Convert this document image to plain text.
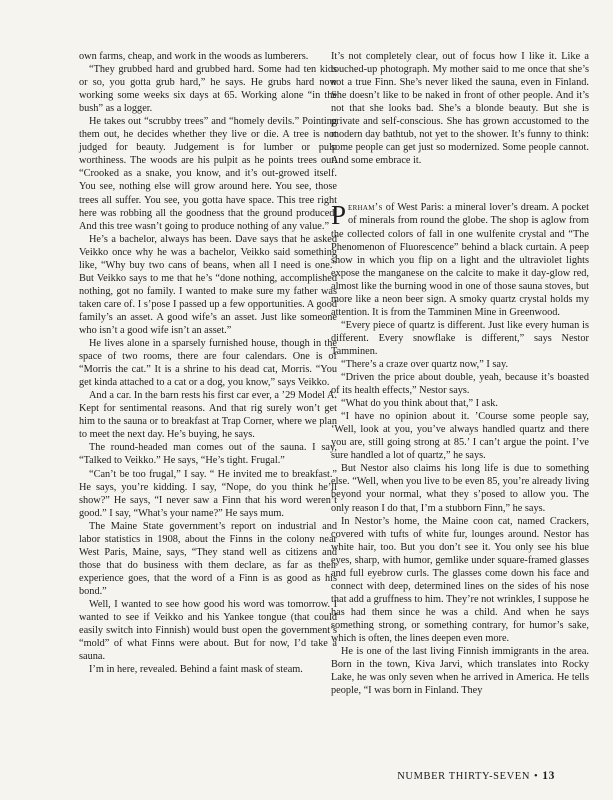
own farms, cheap, and work in the woods as lumberers.

“They grubbed hard and grubbed hard. Some had ten kids or so, you gotta grub hard,” he says. He grubs hard now working some weeks six days at 65. Working alone “in the bush” as a logger.

He takes out “scrubby trees” and “homely devils.” Pointing them out, he decides whether they live or die. A tree is not judged for beauty. Judgement is for lumber or pulp worthiness. The woods are his pulpit as he points trees out: “Crooked as a snake, you know, and it’s out-growed itself. You see, nothing else will grow around here. You see, those trees all suffer. You see, you gotta have space. This tree right here was robbing all the goodness that the ground produced. And this tree wasn’t going to produce nothing of any value.”

He’s a bachelor, always has been. Dave says that he asked Veikko once why he was a bachelor, Veikko said something like, “Why buy two cans of beans, when all I need is one.” But Veikko says to me that he’s “done nothing, accomplished nothing, got no family. I wanted to make sure my father was taken care of. I s’pose I passed up a few opportunities. A good family’s an asset. A good wife’s an asset. Just like someone who isn’t a good wife isn’t an asset.”

He lives alone in a sparsely furnished house, though in the space of two rooms, there are four calendars. One is of “Morris the cat.” It is a shrine to his dead cat, Morris. “You get kinda attached to a cat or a dog, you know,” says Veikko.

And a car. In the barn rests his first car ever, a ’29 Model A. Kept for sentimental reasons. And that rig surely won’t get him to the sauna or to breakfast at Trap Corner, where we plan to meet the next day. He’s buying, he says.

The round-headed man comes out of the sauna. I say, “Talked to Veikko.” He says, “He’s tight. Frugal.”

“Can’t be too frugal,” I say. “ He invited me to breakfast.” He says, you’re kidding. I say, “Nope, do you think he’ll show?” He says, “I never saw a Finn that his word weren’t good.” I say, “What’s your name?” He says mum.

The Maine State government’s report on industrial and labor statistics in 1908, about the Finns in the colony near West Paris, Maine, says, “They stand well as citizens and those that do business with them declare, as far as their experience goes, that the word of a Finn is as good as his bond.”

Well, I wanted to see how good his word was tomorrow. I wanted to see if Veikko and his Yankee tongue (that could easily switch into Finnish) would bust open the government’s “mold” of what Finns were about. But for now, I’d take a sauna.

I’m in here, revealed. Behind a faint mask of steam.

It’s not completely clear, out of focus how I like it. Like a touched-up photograph. My mother said to me once that she’s not a true Finn. She’s never liked the sauna, even in Finland. She doesn’t like to be naked in front of other people. And it’s not that she looks bad. She’s a blonde beauty. But she is private and self-conscious. She has grown accustomed to the modern day bathtub, not yet to the shower. It’s funny to think: some people can get just so modernized. Some people cannot. And some embrace it.

Perham’s of West Paris: a mineral lover’s dream. A pocket of minerals from round the globe. The shop is aglow from the collected colors of fall in one wulfenite crystal and “The Phenomenon of Fluorescence” behind a black curtain. A peep show in which you flip on a light and the ultraviolet lights expose the manganese on the calcite to make it day-glow red, almost like the burning wood in one of those sauna stoves, but more like a neon beer sign. A smoky quartz crystal holds my attention. It is from the Tamminen Mine in Greenwood.

“Every piece of quartz is different. Just like every human is different. Every snowflake is different,” says Nestor Tamminen.

“There’s a craze over quartz now,” I say.

“Driven the price about double, yeah, because it’s boasted of its health effects,” Nestor says.

“What do you think about that,” I ask.

“I have no opinion about it. ’Course some people say, ‘Well, look at you, you’ve always handled quartz and there you are, still going strong at 85.’ I can’t argue the point. I’ve sure handled a lot of quartz,” he says.

But Nestor also claims his long life is due to something else. “Well, when you live to be even 85, you’re already living beyond your normal, what they s’posed to allow you. The only reason I do that, I’m a stubborn Finn,” he says.

In Nestor’s home, the Maine coon cat, named Crackers, covered with tufts of white fur, lounges around. Nestor has white hair, too. But you don’t see it. You only see his blue eyes, sharp, with humor, gemlike under square-framed glasses and full eyebrow curls. The glasses come down his face and connect with deep, determined lines on the sides of his nose that add a gruffness to him. They’re not wrinkles, I suppose he has had them since he was a child. And when he says something strong, or something contrary, for humor’s sake, which is often, the lines deepen even more.

He is one of the last living Finnish immigrants in the area. Born in the town, Kiva Jarvi, which translates into Rocky Lake, he was only seven when he arrived in America. He tells people, “I was born in Finland. They

NUMBER THIRTY-SEVEN • 13
